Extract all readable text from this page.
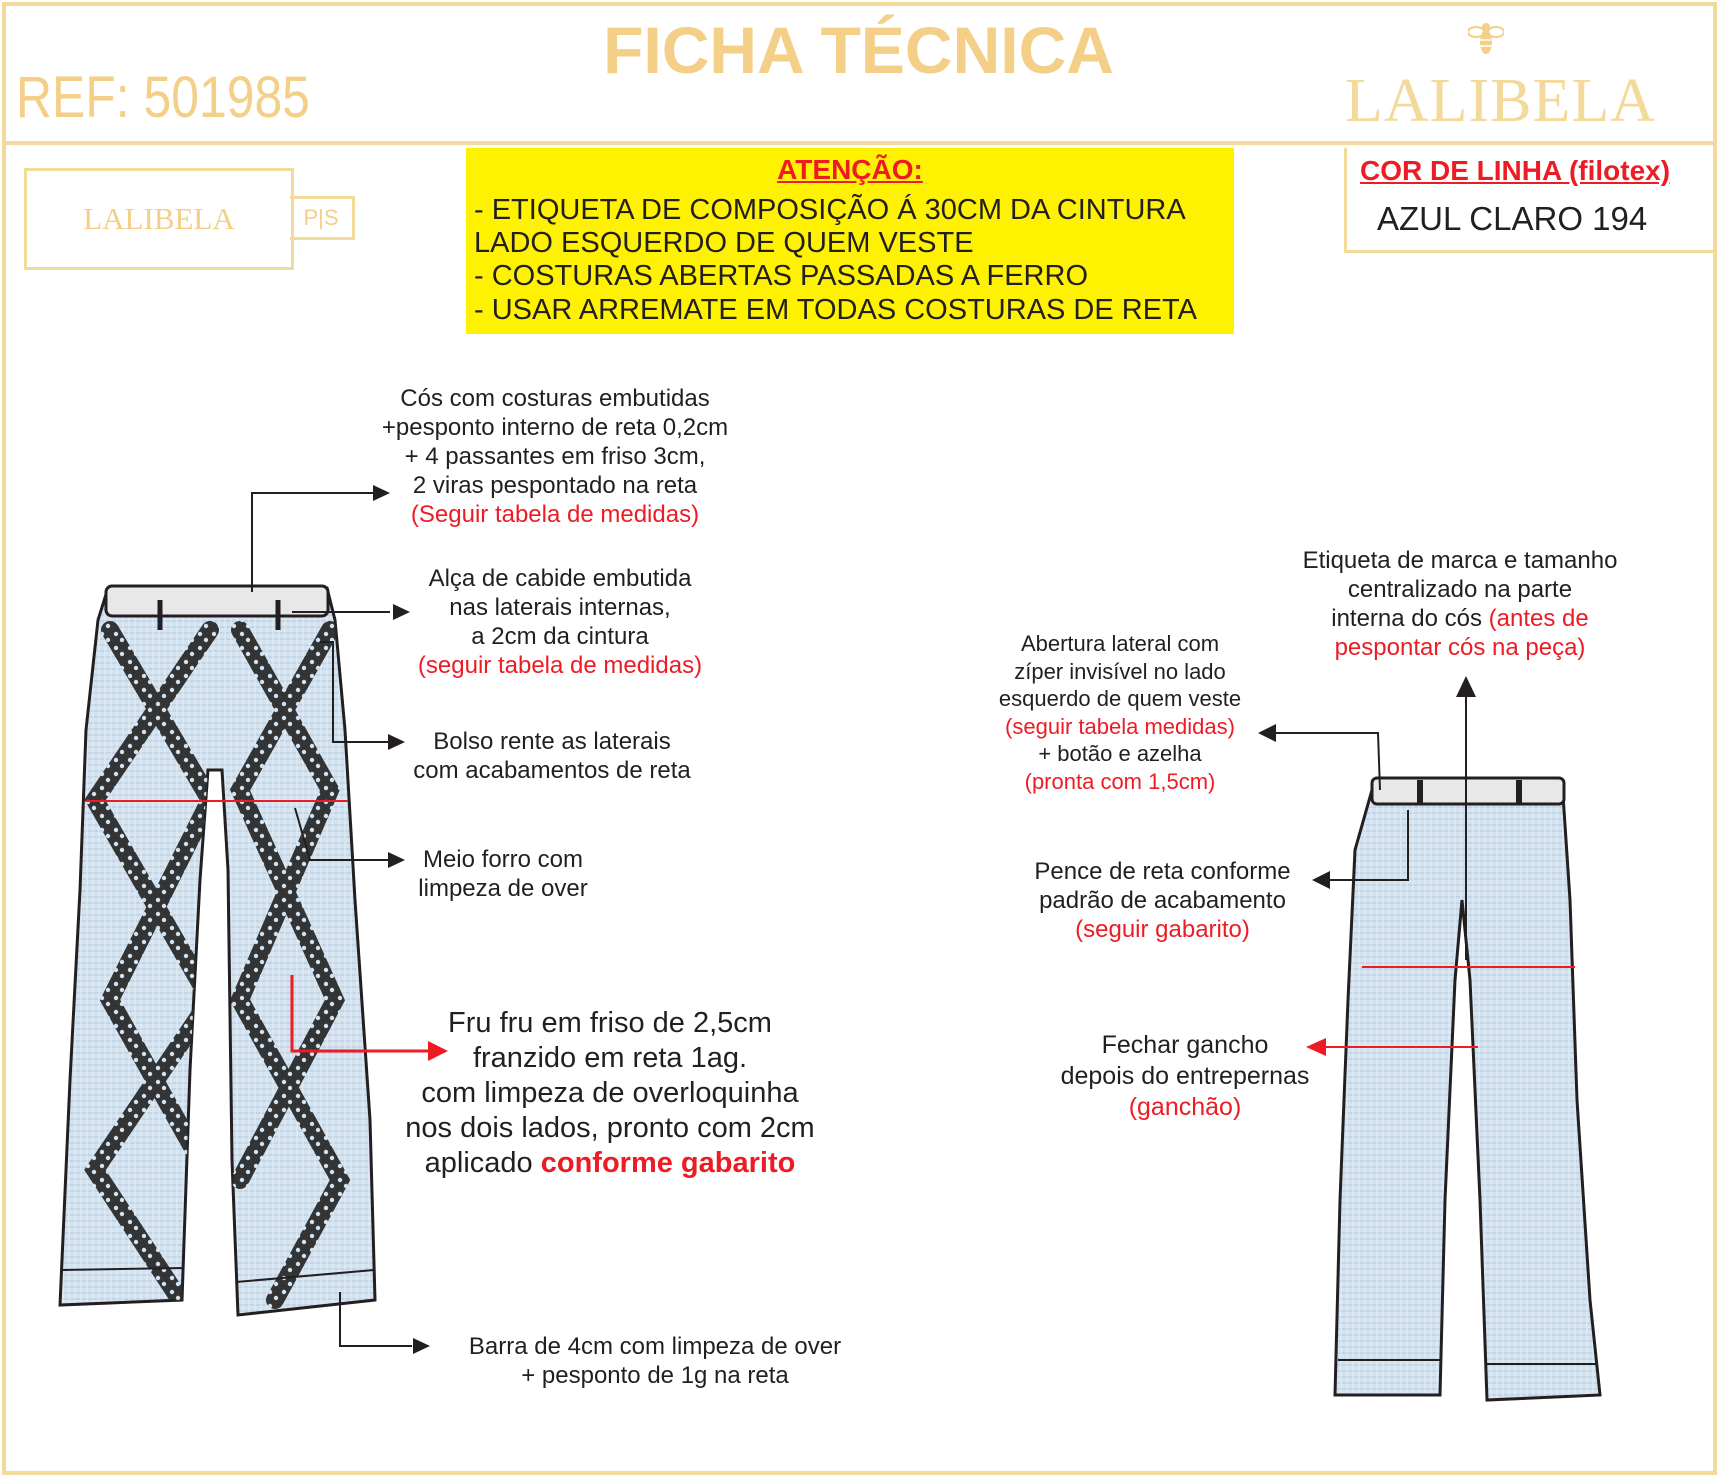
FICHA TÉCNICA
REF: 501985	LALIBELA
LALIBELA	P|S
ATENÇÃO:
- ETIQUETA DE COMPOSIÇÃO Á 30CM DA CINTURA
LADO ESQUERDO DE QUEM VESTE
- COSTURAS ABERTAS PASSADAS A FERRO
- USAR ARREMATE EM TODAS COSTURAS DE RETA
COR DE LINHA (filotex)
AZUL CLARO 194
Cós com costuras embutidas
+pesponto interno de reta 0,2cm
+ 4 passantes em friso 3cm,
2 viras pespontado na reta
(Seguir tabela de medidas)
Alça de cabide embutida
nas laterais internas,
a 2cm da cintura
(seguir tabela de medidas)
Bolso rente as laterais
com acabamentos de reta
Meio forro com
limpeza de over
Fru fru em friso de 2,5cm
franzido em reta 1ag.
com limpeza de overloquinha
nos dois lados, pronto com 2cm
aplicado conforme gabarito
Barra de 4cm com limpeza de over
+ pesponto de 1g na reta
Etiqueta de marca e tamanho
centralizado na parte
interna do cós (antes de
pespontar cós na peça)
Abertura lateral com
zíper invisível no lado
esquerdo de quem veste
(seguir tabela medidas)
+ botão e azelha
(pronta com 1,5cm)
Pence de reta conforme
padrão de acabamento
(seguir gabarito)
Fechar gancho
depois do entrepernas
(ganchão)
